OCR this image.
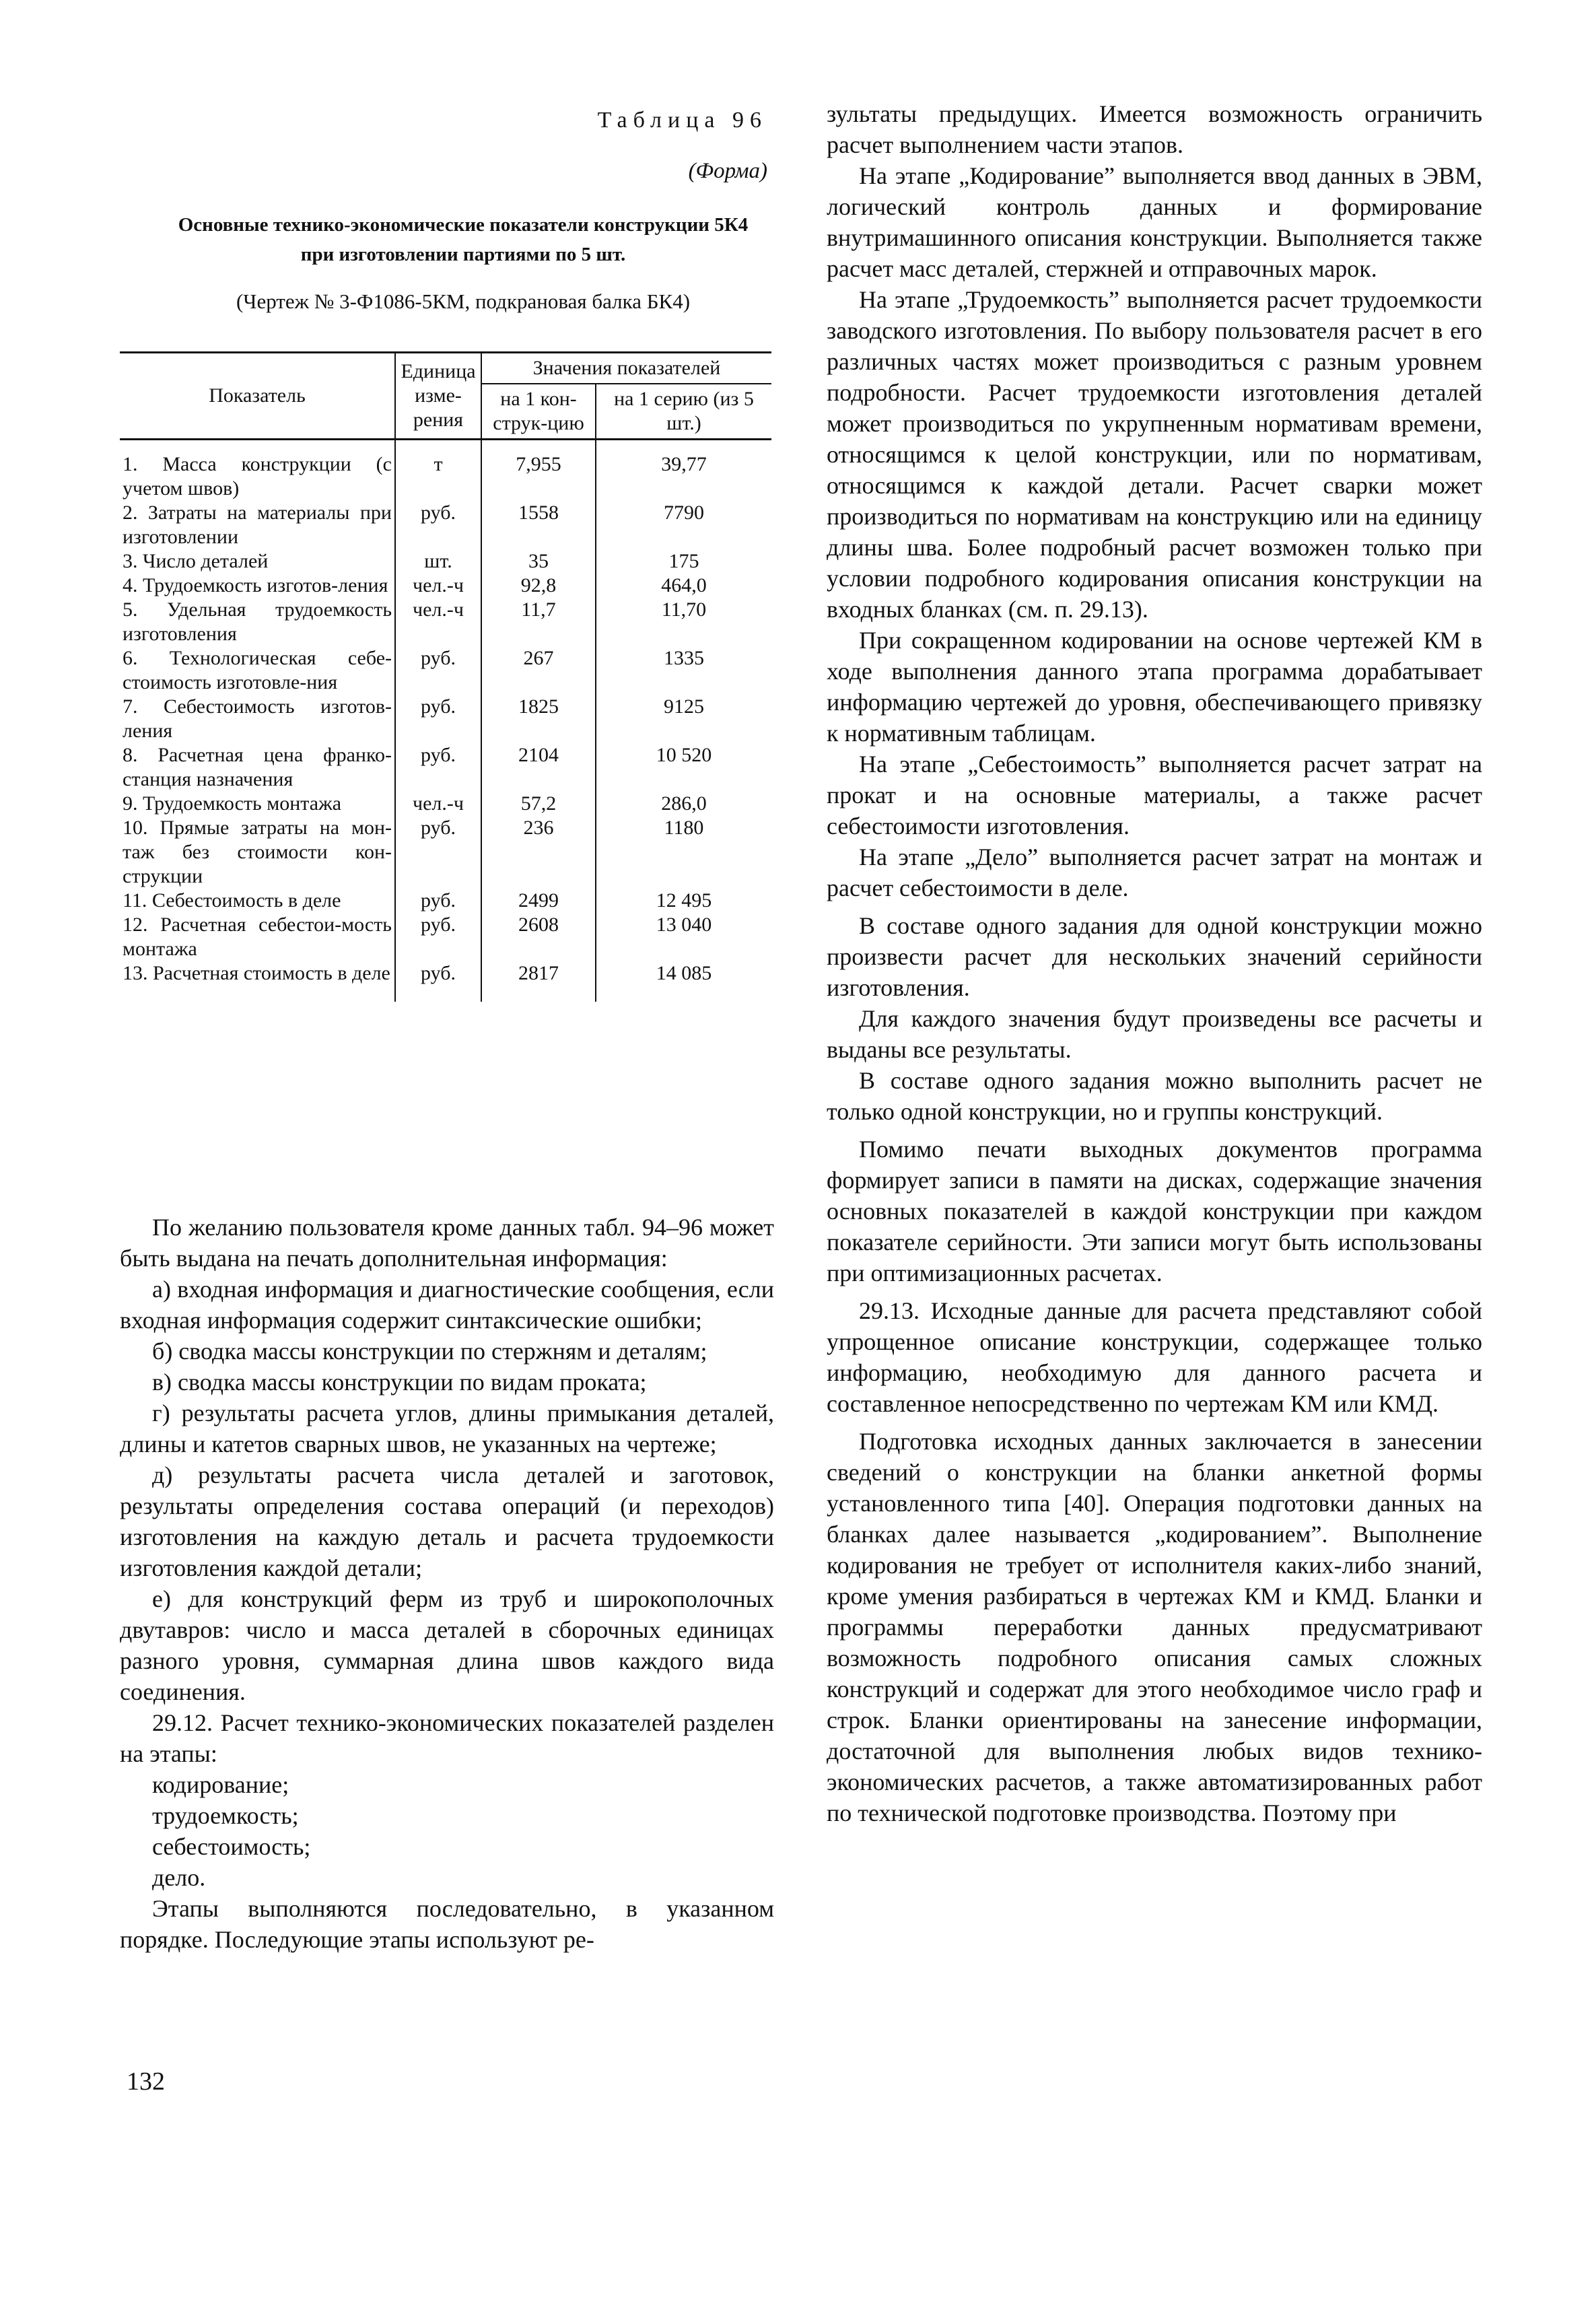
Таблица 96
(Форма)
Основные технико-экономические показатели конструкции 5К4 при изготовлении партиями по 5 шт.
(Чертеж № 3-Ф1086-5КМ, подкрановая балка БК4)
Показатель	Единица изме-рения	Значения показателей	
		на 1 кон-струк-цию	на 1 серию (из 5 шт.)
1. Масса конструкции (с учетом швов)	т	7,955	39,77
2. Затраты на материалы при изготовлении	руб.	1558	7790
3. Число деталей	шт.	35	175
4. Трудоемкость изготов-ления	чел.-ч	92,8	464,0
5. Удельная трудоемкость изготовления	чел.-ч	11,7	11,70
6. Технологическая себе-стоимость изготовле-ния	руб.	267	1335
7. Себестоимость изготов-ления	руб.	1825	9125
8. Расчетная цена франко-станция назначения	руб.	2104	10 520
9. Трудоемкость монтажа	чел.-ч	57,2	286,0
10. Прямые затраты на мон-таж без стоимости кон-струкции	руб.	236	1180
11. Себестоимость в деле	руб.	2499	12 495
12. Расчетная себестои-мость монтажа	руб.	2608	13 040
13. Расчетная стоимость в деле	руб.	2817	14 085

По желанию пользователя кроме данных табл. 94–96 может быть выдана на печать дополнительная информация:

а) входная информация и диагностические сообщения, если входная информация содержит синтаксические ошибки;

б) сводка массы конструкции по стержням и деталям;

в) сводка массы конструкции по видам проката;

г) результаты расчета углов, длины примыкания деталей, длины и катетов сварных швов, не указанных на чертеже;

д) результаты расчета числа деталей и заготовок, результаты определения состава операций (и переходов) изготовления на каждую деталь и расчета трудоемкости изготовления каждой детали;

е) для конструкций ферм из труб и широкополочных двутавров: число и масса деталей в сборочных единицах разного уровня, суммарная длина швов каждого вида соединения.

29.12. Расчет технико-экономических показателей разделен на этапы:

кодирование;

трудоемкость;

себестоимость;

дело.

Этапы выполняются последовательно, в указанном порядке. Последующие этапы используют ре-

132

зультаты предыдущих. Имеется возможность ограничить расчет выполнением части этапов.

На этапе „Кодирование” выполняется ввод данных в ЭВМ, логический контроль данных и формирование внутримашинного описания конструкции. Выполняется также расчет масс деталей, стержней и отправочных марок.

На этапе „Трудоемкость” выполняется расчет трудоемкости заводского изготовления. По выбору пользователя расчет в его различных частях может производиться с разным уровнем подробности. Расчет трудоемкости изготовления деталей может производиться по укрупненным нормативам времени, относящимся к целой конструкции, или по нормативам, относящимся к каждой детали. Расчет сварки может производиться по нормативам на конструкцию или на единицу длины шва. Более подробный расчет возможен только при условии подробного кодирования описания конструкции на входных бланках (см. п. 29.13).

При сокращенном кодировании на основе чертежей КМ в ходе выполнения данного этапа программа дорабатывает информацию чертежей до уровня, обеспечивающего привязку к нормативным таблицам.

На этапе „Себестоимость” выполняется расчет затрат на прокат и на основные материалы, а также расчет себестоимости изготовления.

На этапе „Дело” выполняется расчет затрат на монтаж и расчет себестоимости в деле.

В составе одного задания для одной конструкции можно произвести расчет для нескольких значений серийности изготовления.

Для каждого значения будут произведены все расчеты и выданы все результаты.

В составе одного задания можно выполнить расчет не только одной конструкции, но и группы конструкций.

Помимо печати выходных документов программа формирует записи в памяти на дисках, содержащие значения основных показателей в каждой конструкции при каждом показателе серийности. Эти записи могут быть использованы при оптимизационных расчетах.

29.13. Исходные данные для расчета представляют собой упрощенное описание конструкции, содержащее только информацию, необходимую для данного расчета и составленное непосредственно по чертежам КМ или КМД.

Подготовка исходных данных заключается в занесении сведений о конструкции на бланки анкетной формы установленного типа [40]. Операция подготовки данных на бланках далее называется „кодированием”. Выполнение кодирования не требует от исполнителя каких-либо знаний, кроме умения разбираться в чертежах КМ и КМД. Бланки и программы переработки данных предусматривают возможность подробного описания самых сложных конструкций и содержат для этого необходимое число граф и строк. Бланки ориентированы на занесение информации, достаточной для выполнения любых видов технико-экономических расчетов, а также автоматизированных работ по технической подготовке производства. Поэтому при
